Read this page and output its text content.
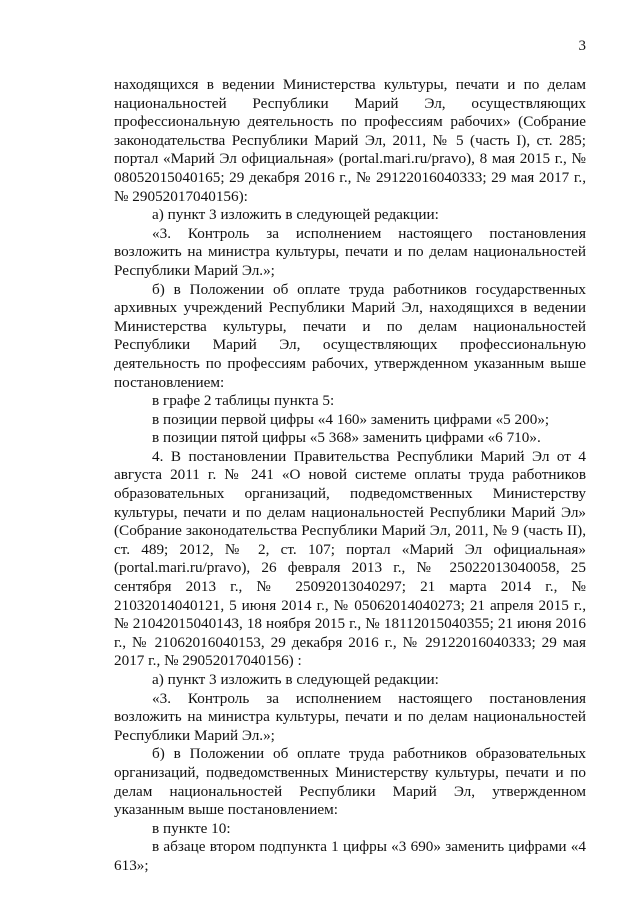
3

находящихся в ведении Министерства культуры, печати и по делам национальностей Республики Марий Эл, осуществляющих профессиональную деятельность по профессиям рабочих» (Собрание законодательства Республики Марий Эл, 2011, № 5 (часть I), ст. 285; портал «Марий Эл официальная» (portal.mari.ru/pravo), 8 мая 2015 г., № 08052015040165; 29 декабря 2016 г., № 29122016040333; 29 мая 2017 г., № 29052017040156):

а) пункт 3 изложить в следующей редакции:

«3. Контроль за исполнением настоящего постановления возложить на министра культуры, печати и по делам национальностей Республики Марий Эл.»;

б) в Положении об оплате труда работников государственных архивных учреждений Республики Марий Эл, находящихся в ведении Министерства культуры, печати и по делам национальностей Республики Марий Эл, осуществляющих профессиональную деятельность по профессиям рабочих, утвержденном указанным выше постановлением:

в графе 2 таблицы пункта 5:

в позиции первой цифры «4 160» заменить цифрами «5 200»;

в позиции пятой цифры «5 368» заменить цифрами «6 710».

4. В постановлении Правительства Республики Марий Эл от 4 августа 2011 г. № 241 «О новой системе оплаты труда работников образовательных организаций, подведомственных Министерству культуры, печати и по делам национальностей Республики Марий Эл» (Собрание законодательства Республики Марий Эл, 2011, № 9 (часть II), ст. 489; 2012, № 2, ст. 107; портал «Марий Эл официальная» (portal.mari.ru/pravo), 26 февраля 2013 г., № 25022013040058, 25 сентября 2013 г., № 25092013040297; 21 марта 2014 г., № 21032014040121, 5 июня 2014 г., № 05062014040273; 21 апреля 2015 г., № 21042015040143, 18 ноября 2015 г., № 18112015040355; 21 июня 2016 г., № 21062016040153, 29 декабря 2016 г., № 29122016040333; 29 мая 2017 г., № 29052017040156) :

а) пункт 3 изложить в следующей редакции:

«3. Контроль за исполнением настоящего постановления возложить на министра культуры, печати и по делам национальностей Республики Марий Эл.»;

б) в Положении об оплате труда работников образовательных организаций, подведомственных Министерству культуры, печати и по делам национальностей Республики Марий Эл, утвержденном указанным выше постановлением:

в пункте 10:

в абзаце втором подпункта 1 цифры «3 690» заменить цифрами «4 613»;
